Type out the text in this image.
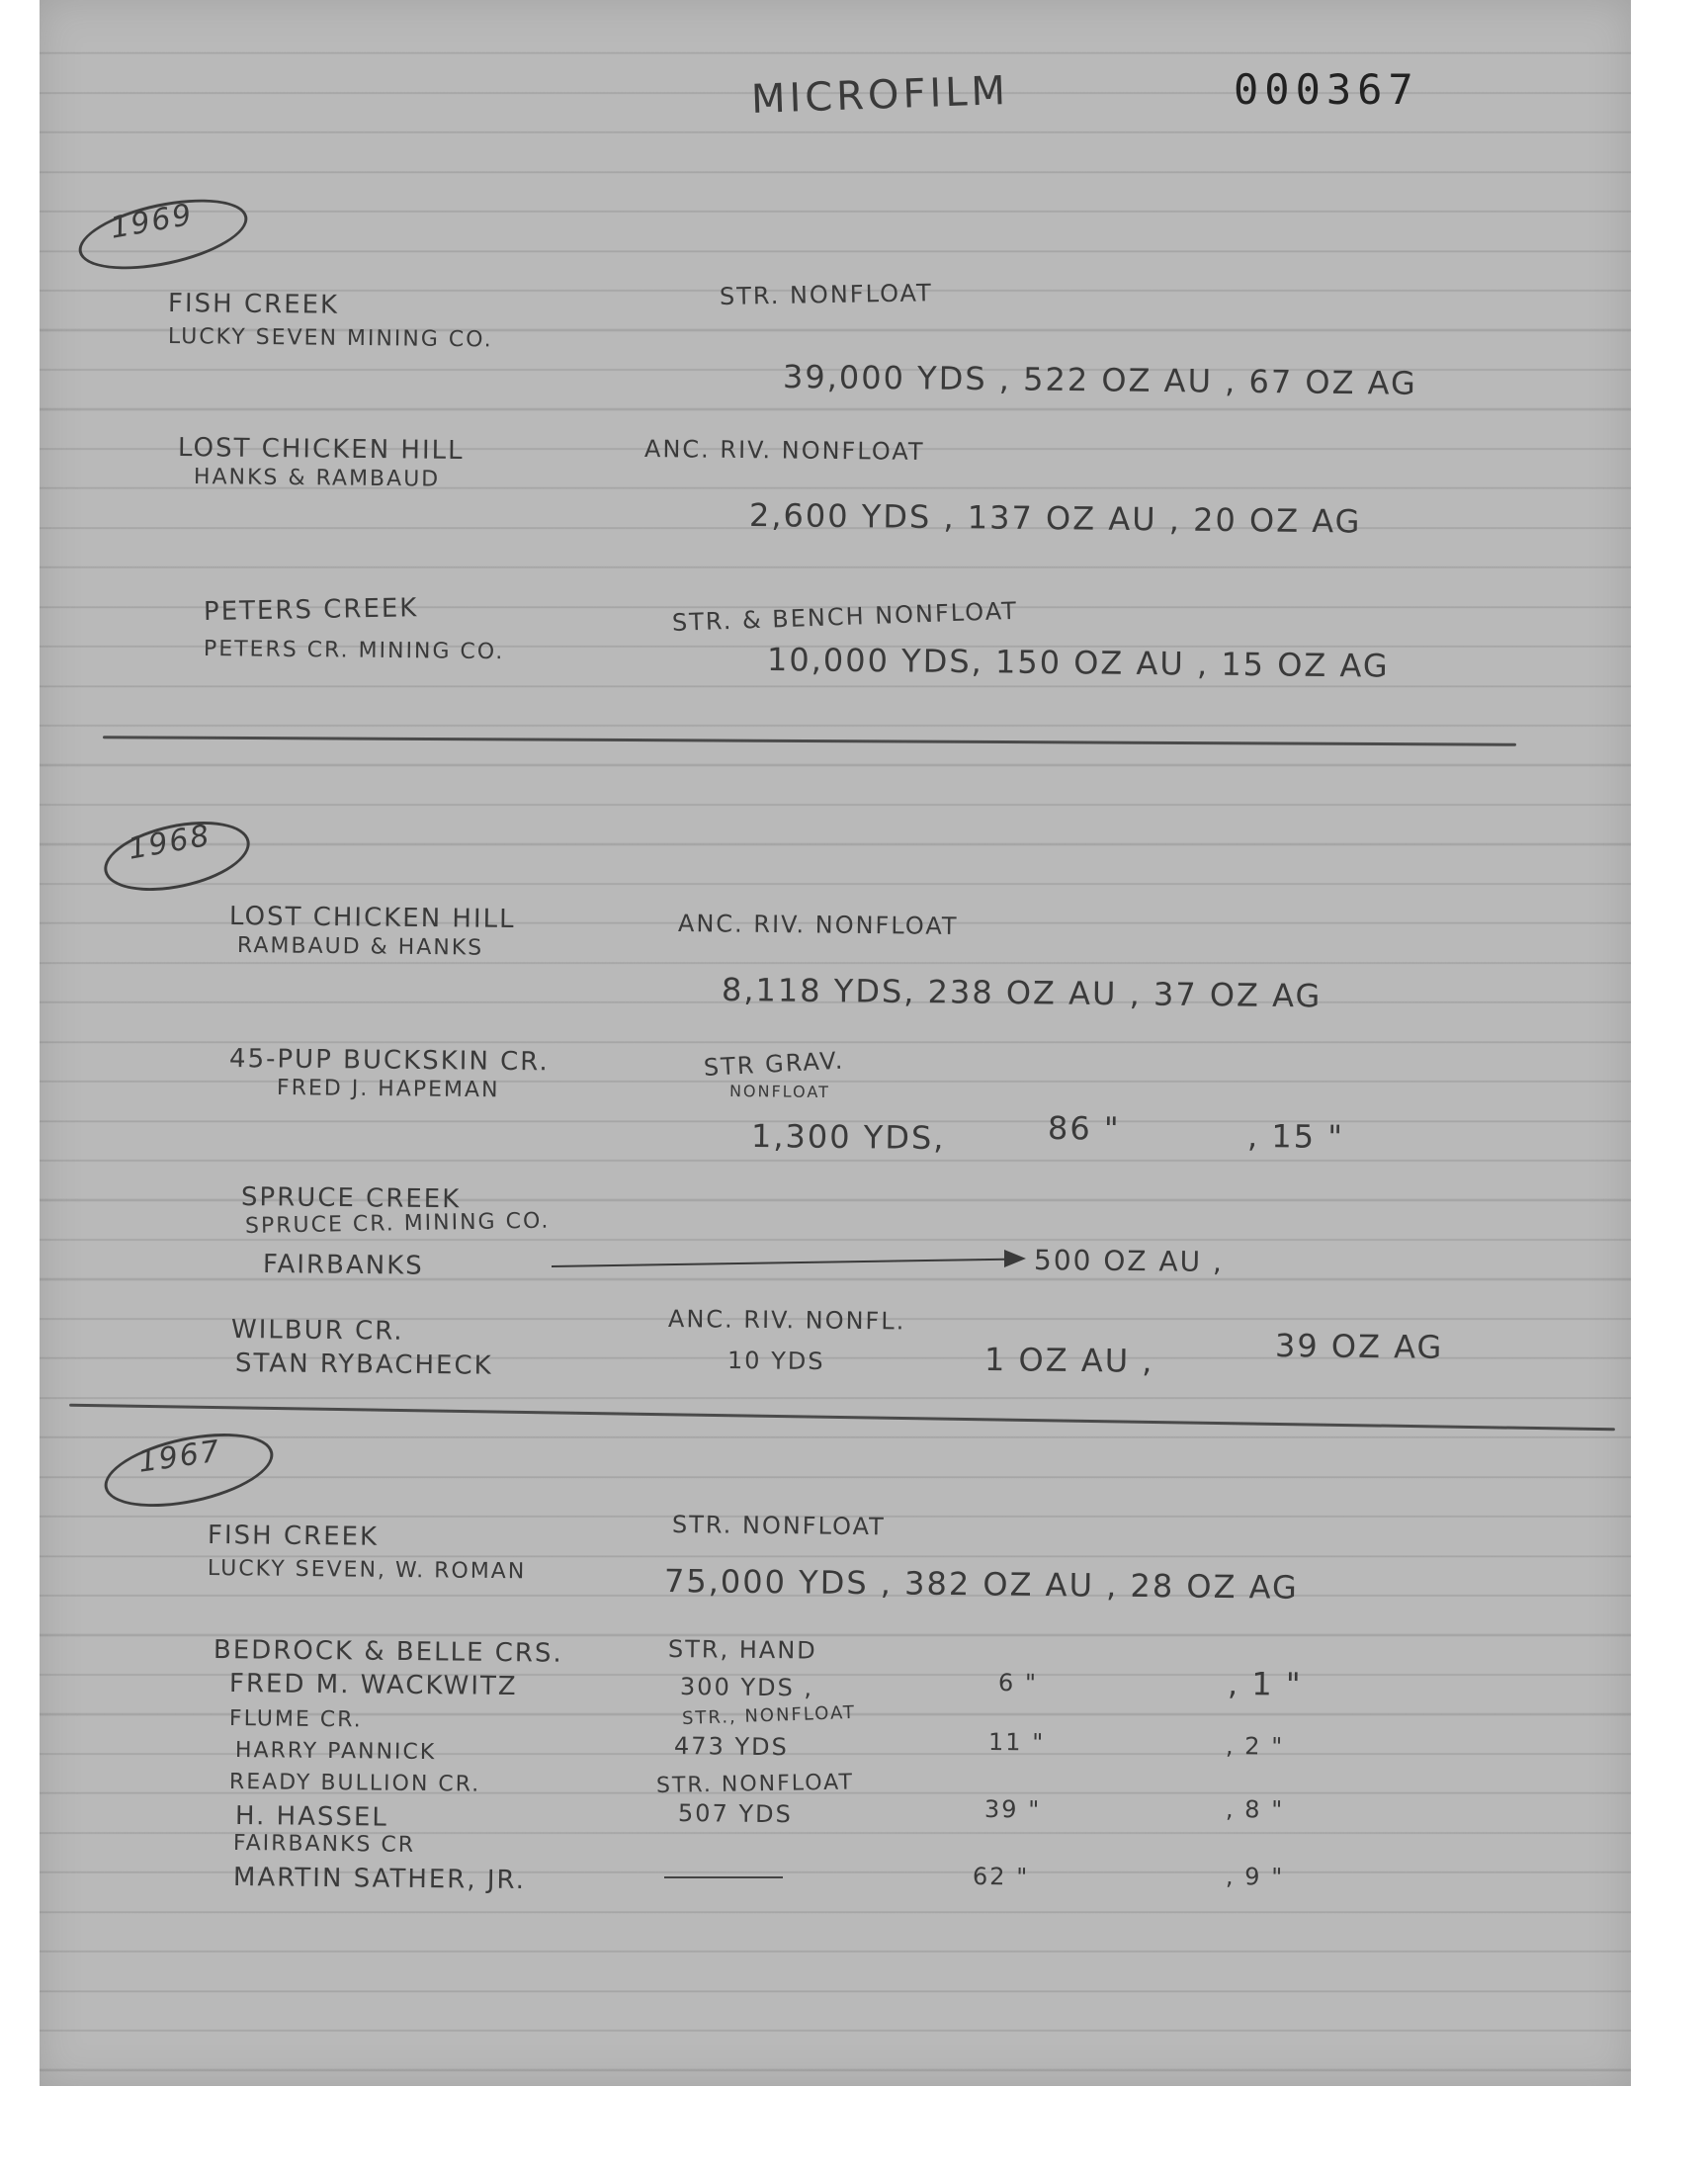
MICROFILM	000367
1969
FISH CREEK
LUCKY SEVEN MINING CO.
STR. NONFLOAT
39,000 YDS , 522 OZ AU , 67 OZ AG
LOST CHICKEN HILL
HANKS & RAMBAUD
ANC. RIV. NONFLOAT
2,600 YDS , 137 OZ AU , 20 OZ AG
PETERS CREEK
PETERS CR. MINING CO.
STR. & BENCH NONFLOAT
10,000 YDS, 150 OZ AU , 15 OZ AG
1968
LOST CHICKEN HILL
RAMBAUD & HANKS
ANC. RIV. NONFLOAT
8,118 YDS, 238 OZ AU , 37 OZ AG
45-PUP BUCKSKIN CR.
FRED J. HAPEMAN
STR GRAV.
NONFLOAT
1,300 YDS,	86 "	, 15 "
SPRUCE CREEK
SPRUCE CR. MINING CO.
FAIRBANKS	500 OZ AU ,
WILBUR CR.
STAN RYBACHECK
ANC. RIV. NONFL.
10 YDS	1 OZ AU ,	39 OZ AG
1967
FISH CREEK
LUCKY SEVEN, W. ROMAN
STR. NONFLOAT
75,000 YDS , 382 OZ AU , 28 OZ AG
BEDROCK & BELLE CRS.
FRED M. WACKWITZ
STR, HAND
300 YDS ,	6 "	, 1 "
FLUME CR.
HARRY PANNICK
STR., NONFLOAT
473 YDS	11 "	, 2 "
READY BULLION CR.
H. HASSEL
STR. NONFLOAT
507 YDS	39 "	, 8 "
FAIRBANKS CR
MARTIN SATHER, JR.	62 "	, 9 "
